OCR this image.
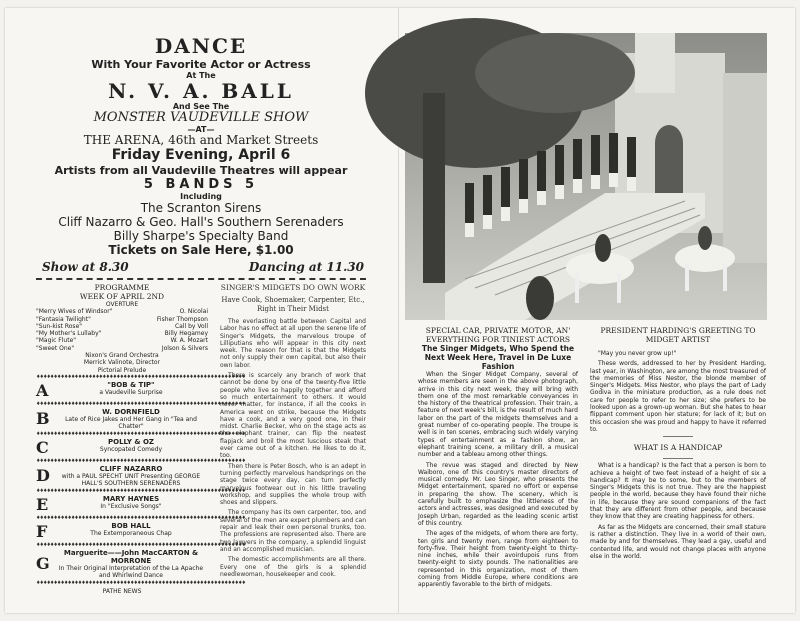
DANCE
With Your Favorite Actor or Actress
At The
N. V. A. BALL
And See The
MONSTER VAUDEVILLE SHOW
—AT—
THE ARENA, 46th and Market Streets
Friday Evening, April 6
Artists from all Vaudeville Theatres will appear
5 BANDS 5
Including
The Scranton Sirens
Cliff Nazarro & Geo. Hall's Southern Serenaders
Billy Sharpe's Specialty Band
Tickets on Sale Here, $1.00
Show at 8.30	Dancing at 11.30
PROGRAMME
WEEK OF APRIL 2ND
OVERTURE
"Merry Wives of Windsor"	O. Nicolai
"Fantasia Twilight"	Fisher Thompson
"Sun-kist Rose"	Call by Voll
"My Mother's Lullaby"	Billy Hegamey
"Magic Flute"	W. A. Mozart
"Sweet One"	Jolson & Silvers
Nixon's Grand Orchestra
Merrick Valinote, Director
Pictorial Prelude
♦♦♦♦♦♦♦♦♦♦♦♦♦♦♦♦♦♦♦♦♦♦♦♦♦♦♦♦♦♦♦♦♦♦♦♦♦♦♦♦♦♦♦♦♦♦♦♦♦♦♦♦♦♦♦♦♦♦♦♦
A	"BOB & TIP"
a Vaudeville Surprise
♦♦♦♦♦♦♦♦♦♦♦♦♦♦♦♦♦♦♦♦♦♦♦♦♦♦♦♦♦♦♦♦♦♦♦♦♦♦♦♦♦♦♦♦♦♦♦♦♦♦♦♦♦♦♦♦♦♦♦♦
B	W. DORNFIELD
Late of Rice Jakes and Her Gang in "Tea and Chatter"
♦♦♦♦♦♦♦♦♦♦♦♦♦♦♦♦♦♦♦♦♦♦♦♦♦♦♦♦♦♦♦♦♦♦♦♦♦♦♦♦♦♦♦♦♦♦♦♦♦♦♦♦♦♦♦♦♦♦♦♦
C	POLLY & OZ
Syncopated Comedy
♦♦♦♦♦♦♦♦♦♦♦♦♦♦♦♦♦♦♦♦♦♦♦♦♦♦♦♦♦♦♦♦♦♦♦♦♦♦♦♦♦♦♦♦♦♦♦♦♦♦♦♦♦♦♦♦♦♦♦♦
D	CLIFF NAZARRO
with a PAUL SPECHT UNIT Presenting GEORGE HALL'S SOUTHERN SERENADERS
♦♦♦♦♦♦♦♦♦♦♦♦♦♦♦♦♦♦♦♦♦♦♦♦♦♦♦♦♦♦♦♦♦♦♦♦♦♦♦♦♦♦♦♦♦♦♦♦♦♦♦♦♦♦♦♦♦♦♦♦
E	MARY HAYNES
In "Exclusive Songs"
♦♦♦♦♦♦♦♦♦♦♦♦♦♦♦♦♦♦♦♦♦♦♦♦♦♦♦♦♦♦♦♦♦♦♦♦♦♦♦♦♦♦♦♦♦♦♦♦♦♦♦♦♦♦♦♦♦♦♦♦
F	BOB HALL
The Extemporaneous Chap
♦♦♦♦♦♦♦♦♦♦♦♦♦♦♦♦♦♦♦♦♦♦♦♦♦♦♦♦♦♦♦♦♦♦♦♦♦♦♦♦♦♦♦♦♦♦♦♦♦♦♦♦♦♦♦♦♦♦♦♦
G
Marguerite——John MacCARTON & MORRONE
In Their Original Interpretation of the La Apache and Whirlwind Dance
♦♦♦♦♦♦♦♦♦♦♦♦♦♦♦♦♦♦♦♦♦♦♦♦♦♦♦♦♦♦♦♦♦♦♦♦♦♦♦♦♦♦♦♦♦♦♦♦♦♦♦♦♦♦♦♦♦♦♦♦
PATHE NEWS
SINGER'S MIDGETS DO OWN WORK
Have Cook, Shoemaker, Carpenter, Etc., Right in Their Midst

The everlasting battle between Capital and Labor has no effect at all upon the serene life of Singer's Midgets, the marvelous troupe of Lilliputians who will appear in this city next week. The reason for that is that the Midgets not only supply their own capital, but also their own labor.

There is scarcely any branch of work that cannot be done by one of the twenty-five little people who live so happily together and afford so much entertainment to others. It would never matter, for instance, if all the cooks in America went on strike, because the Midgets have a cook, and a very good one, in their midst. Charlie Becker, who on the stage acts as the elephant trainer, can flip the neatest flapjack and broil the most luscious steak that ever came out of a kitchen. He likes to do it, too.

Then there is Peter Bosch, who is an adept in turning perfectly marvelous handsprings on the stage twice every day, can turn perfectly marvelous footwear out in his little traveling workshop, and supplies the whole troup with shoes and slippers.

The company has its own carpenter, too, and several of the men are expert plumbers and can repair and leak their own personal trunks, too. The professions are represented also. There are two lawyers in the company, a splendid linguist and an accomplished musician.

The domestic accomplishments are all there. Every one of the girls is a splendid needlewoman, housekeeper and cook.

SPECIAL CAR, PRIVATE MOTOR, AN' EVERYTHING FOR TINIEST ACTORS
The Singer Midgets, Who Spend the Next Week Here, Travel in De Luxe Fashion

When the Singer Midget Company, several of whose members are seen in the above photograph, arrive in this city next week, they will bring with them one of the most remarkable conveyances in the history of the theatrical profession. Their train, a feature of next week's bill, is the result of much hard labor on the part of the midgets themselves and a great number of co-operating people. The troupe is well is in ten scenes, embracing such widely varying types of entertainment as a fashion show, an elephant training scene, a military drill, a musical number and a tableau among other things.

The revue was staged and directed by New Waiboro, one of this country's master directors of musical comedy. Mr. Leo Singer, who presents the Midget entertainment, spared no effort or expense in preparing the show. The scenery, which is carefully built to emphasize the littleness of the actors and actresses, was designed and executed by Joseph Urban, regarded as the leading scenic artist of this country.

The ages of the midgets, of whom there are forty, ten girls and twenty men, range from eighteen to forty-five. Their height from twenty-eight to thirty-nine inches, while their avoirdupois runs from twenty-eight to sixty pounds. The nationalities are represented in this organization, most of them coming from Middle Europe, where conditions are apparently favorable to the birth of midgets.

PRESIDENT HARDING'S GREETING TO MIDGET ARTIST

"May you never grow up!"

These words, addressed to her by President Harding, last year, in Washington, are among the most treasured of the memories of Miss Nestor, the blonde member of Singer's Midgets. Miss Nestor, who plays the part of Lady Godiva in the miniature production, as a rule does not care for people to refer to her size; she prefers to be looked upon as a grown-up woman. But she hates to hear flippant comment upon her stature; for lack of it; but on this occasion she was proud and happy to have it referred to.

WHAT IS A HANDICAP

What is a handicap? Is the fact that a person is born to achieve a height of two feet instead of a height of six a handicap? It may be to some, but to the members of Singer's Midgets this is not true. They are the happiest people in the world, because they have found their niche in life, because they are sound companions of the fact that they are different from other people, and because they know that they are creating happiness for others.

As far as the Midgets are concerned, their small stature is rather a distinction. They live in a world of their own, made by and for themselves. They lead a gay, useful and contented life, and would not change places with anyone else in the world.
